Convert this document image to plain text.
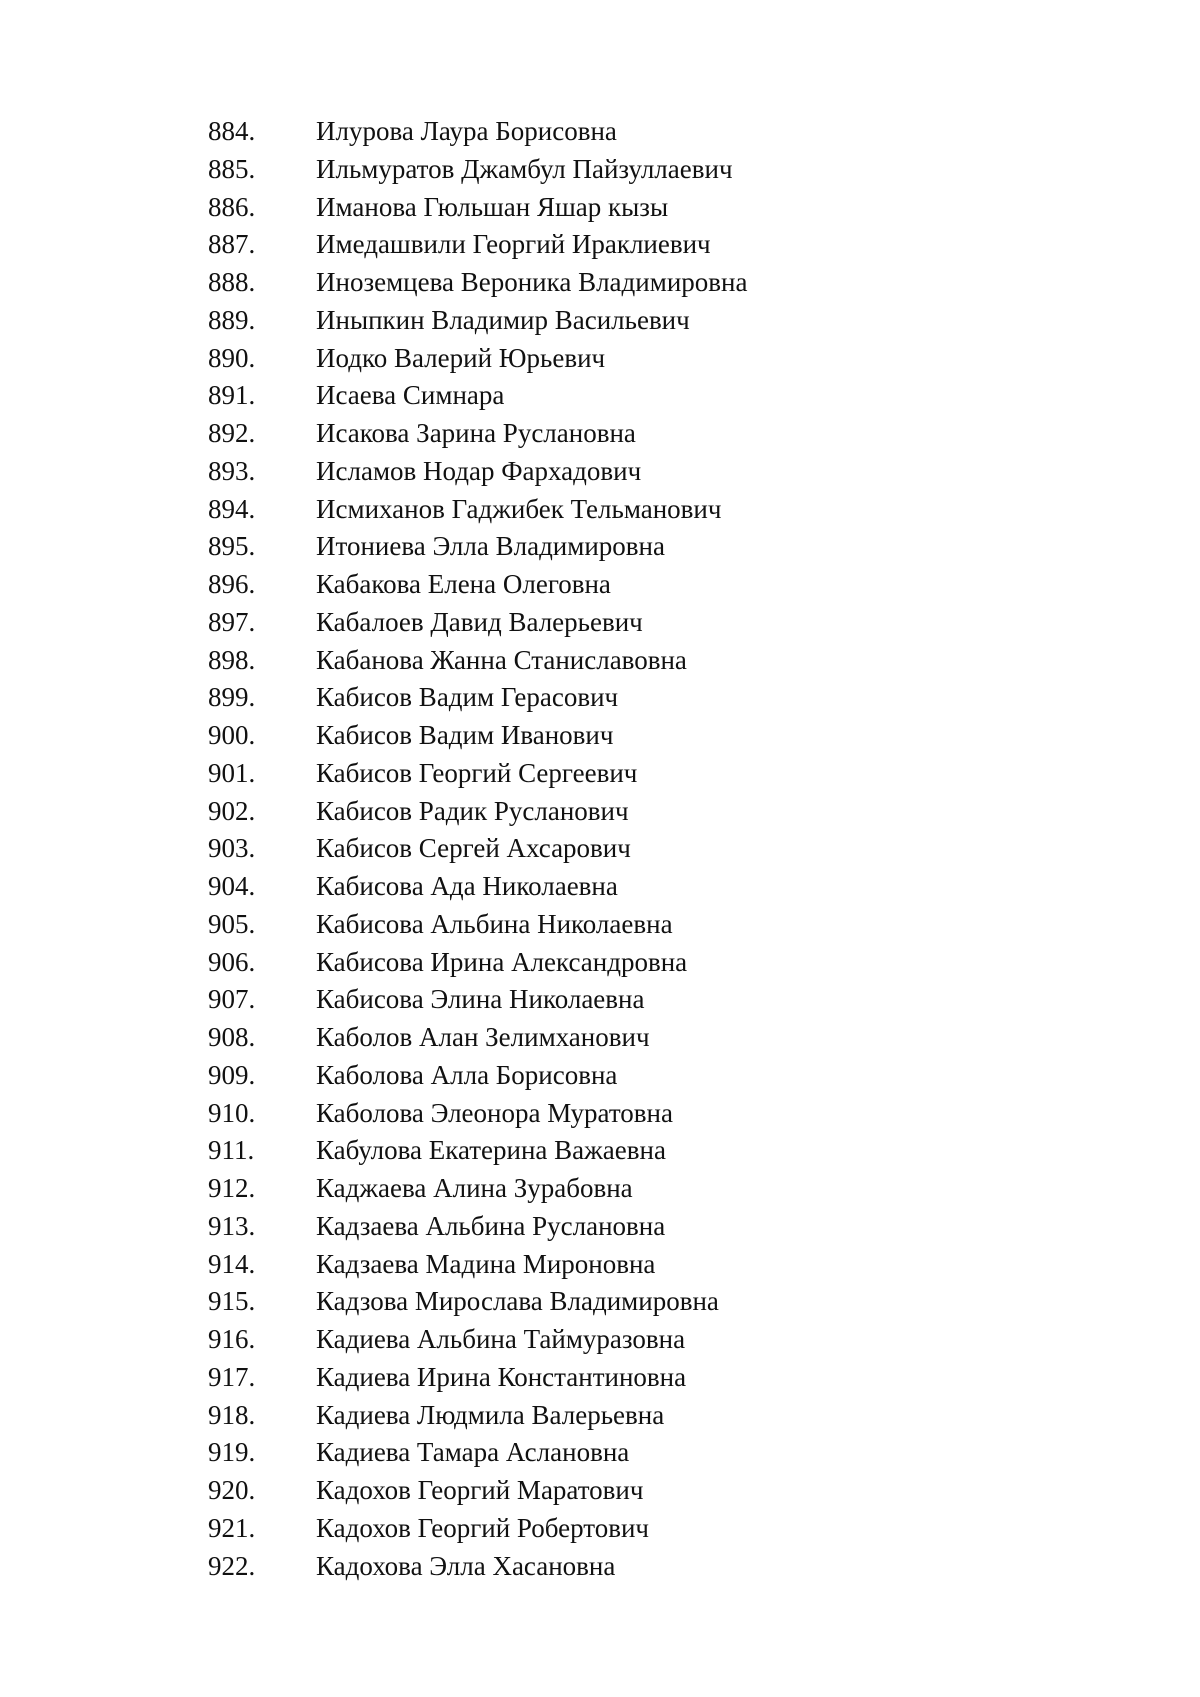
884. Илурова Лаура Борисовна
885. Ильмуратов Джамбул Пайзуллаевич
886. Иманова Гюльшан Яшар кызы
887. Имедашвили Георгий Ираклиевич
888. Иноземцева Вероника Владимировна
889. Иныпкин Владимир Васильевич
890. Иодко Валерий Юрьевич
891. Исаева Симнара
892. Исакова Зарина Руслановна
893. Исламов Нодар Фархадович
894. Исмиханов Гаджибек Тельманович
895. Итониева Элла Владимировна
896. Кабакова Елена Олеговна
897. Кабалоев Давид Валерьевич
898. Кабанова Жанна Станиславовна
899. Кабисов Вадим Герасович
900. Кабисов Вадим Иванович
901. Кабисов Георгий Сергеевич
902. Кабисов Радик Русланович
903. Кабисов Сергей Ахсарович
904. Кабисова Ада Николаевна
905. Кабисова Альбина Николаевна
906. Кабисова Ирина Александровна
907. Кабисова Элина Николаевна
908. Каболов Алан Зелимханович
909. Каболова Алла Борисовна
910. Каболова Элеонора Муратовна
911. Кабулова Екатерина Важаевна
912. Каджаева Алина Зурабовна
913. Кадзаева Альбина Руслановна
914. Кадзаева Мадина Мироновна
915. Кадзова Мирослава Владимировна
916. Кадиева Альбина Таймуразовна
917. Кадиева Ирина Константиновна
918. Кадиева Людмила Валерьевна
919. Кадиева Тамара Аслановна
920. Кадохов Георгий Маратович
921. Кадохов Георгий Робертович
922. Кадохова Элла Хасановна
